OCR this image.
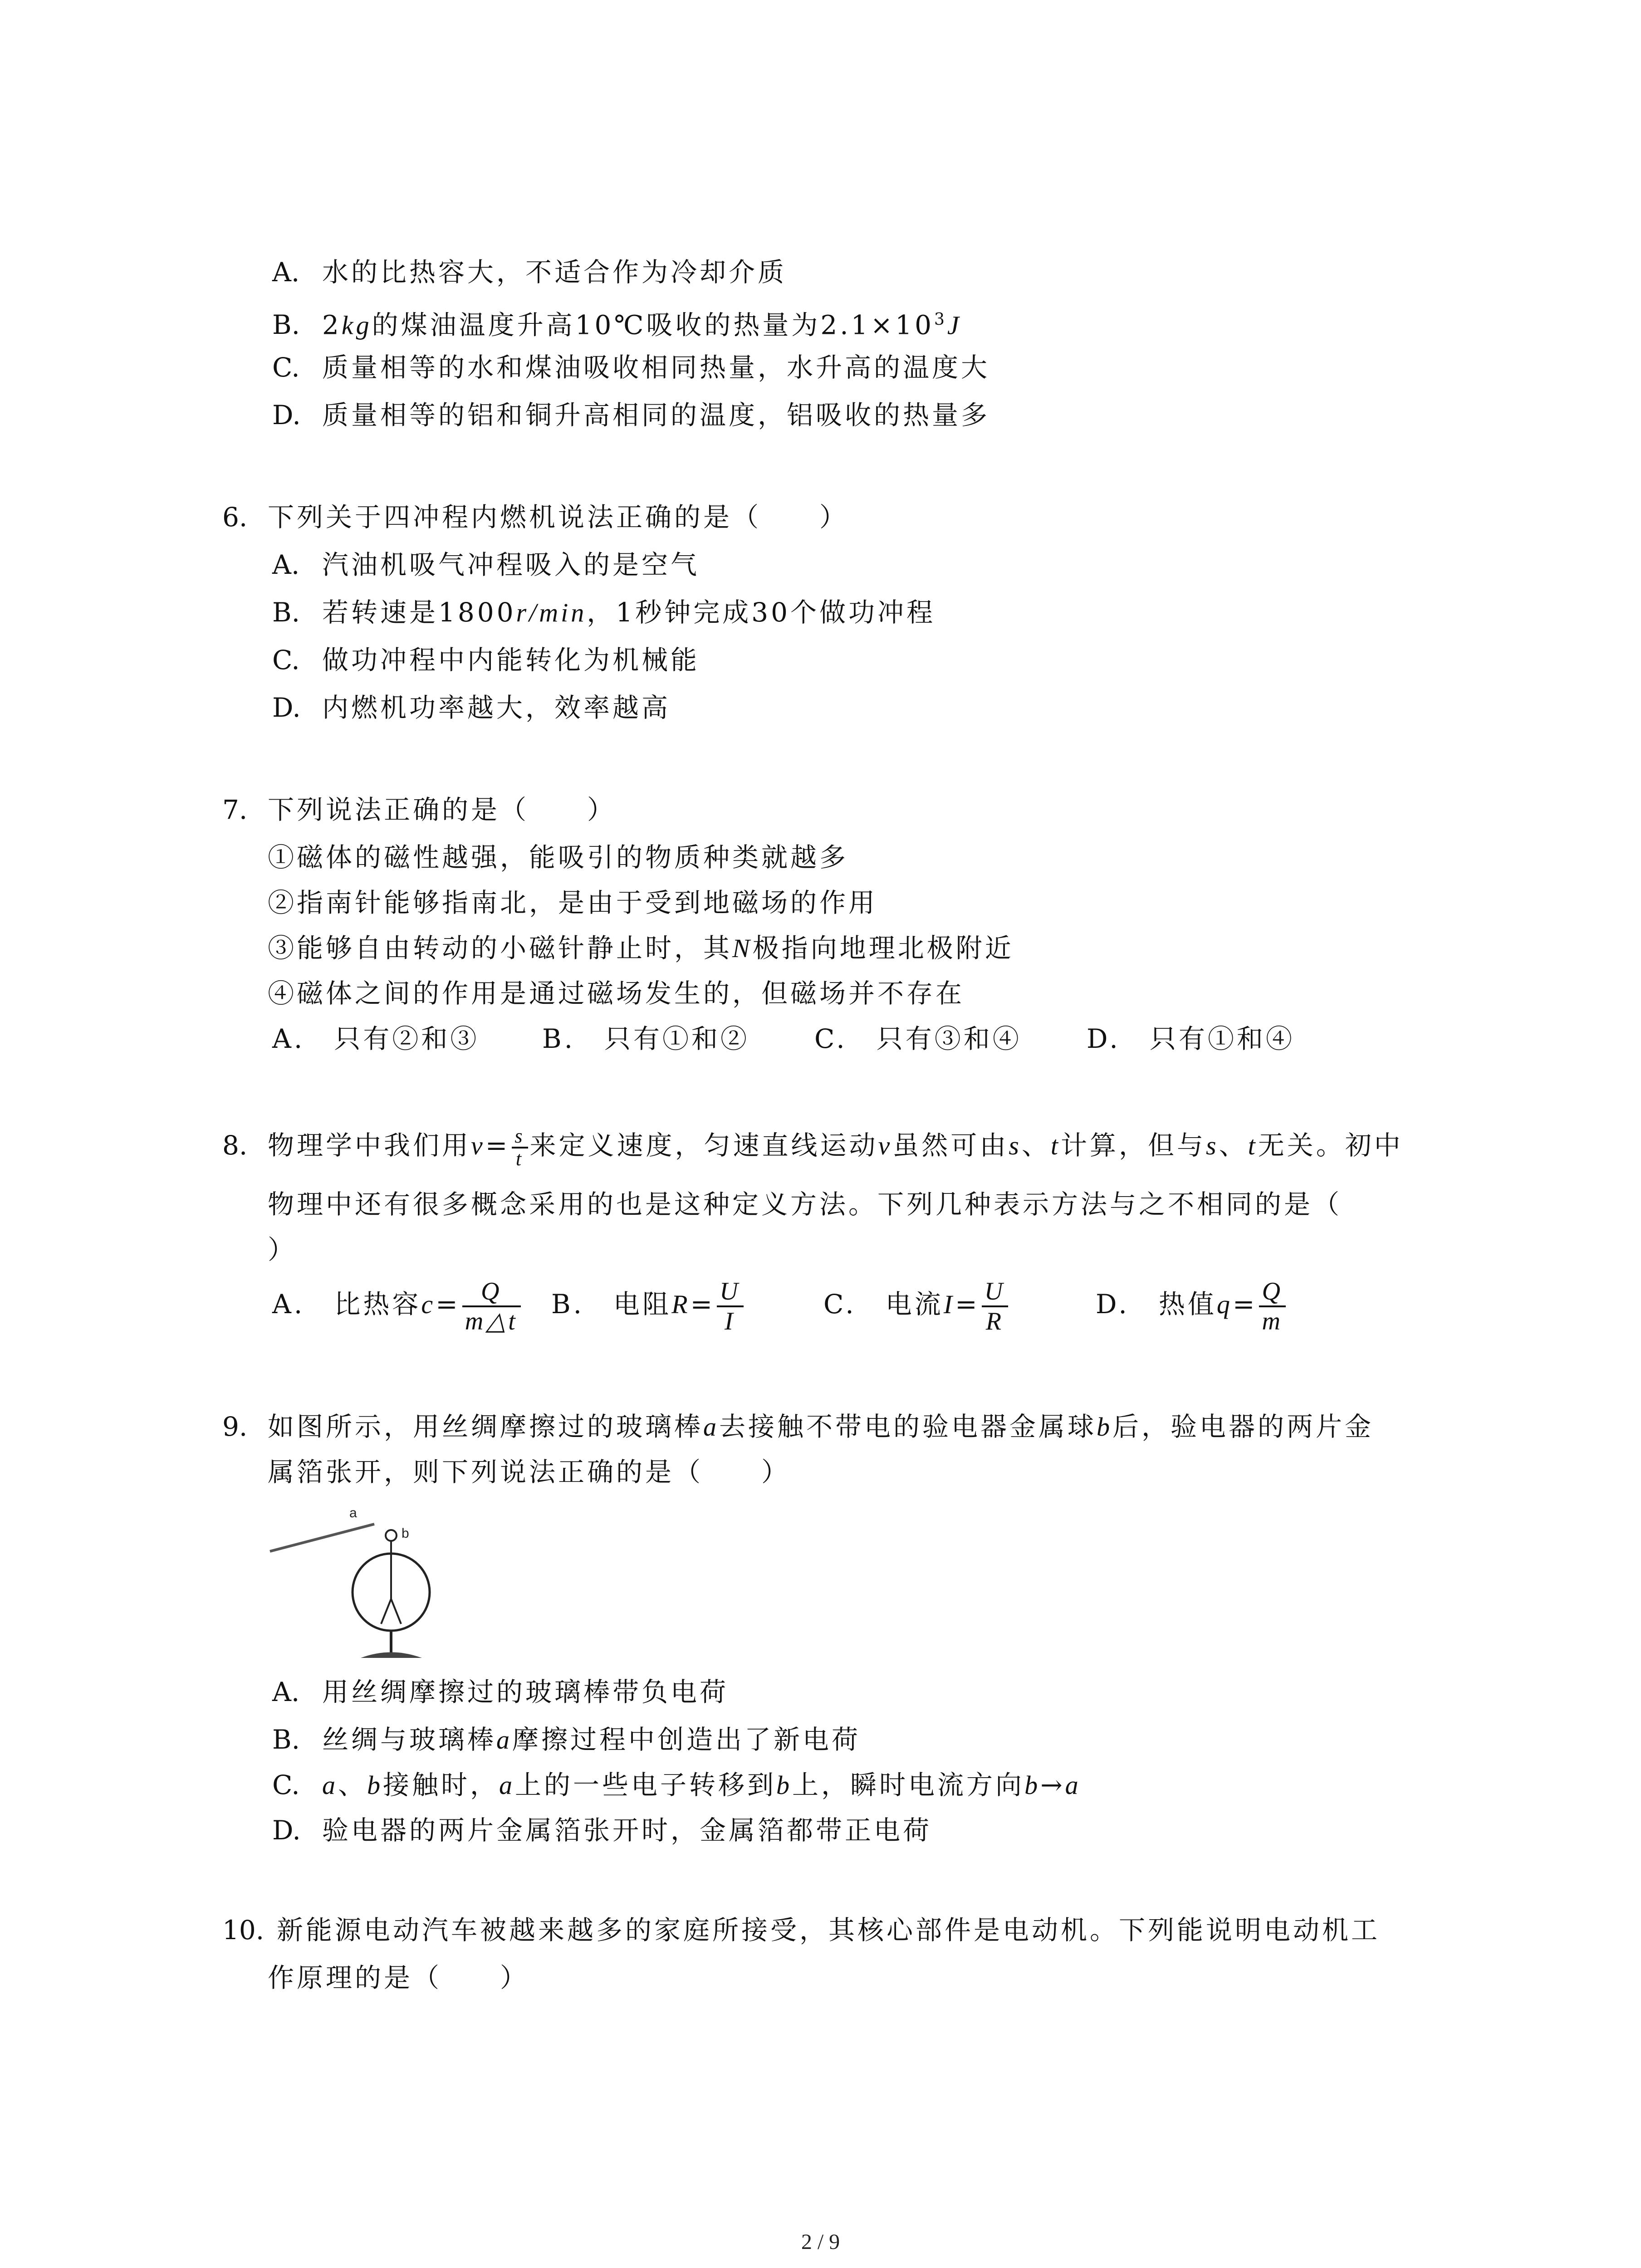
A. 水的比热容大，不适合作为冷却介质
B. 2kg的煤油温度升高10℃吸收的热量为$2.1\times 10^3J$
C. 质量相等的水和煤油吸收相同热量，水升高的温度大
D. 质量相等的铝和铜升高相同的温度，铝吸收的热量多
6. 下列关于四冲程内燃机说法正确的是（　　）
A. 汽油机吸气冲程吸入的是空气
B. 若转速是1800r/min，1秒钟完成30个做功冲程
C. 做功冲程中内能转化为机械能
D. 内燃机功率越大，效率越高
7. 下列说法正确的是（　　）
①磁体的磁性越强，能吸引的物质种类就越多
②指南针能够指南北，是由于受到地磁场的作用
③能够自由转动的小磁针静止时，其N极指向地理北极附近
④磁体之间的作用是通过磁场发生的，但磁场并不存在
A.　只有②和③ B.　只有①和② C.　只有③和④ D.　只有①和④
8. 物理学中我们用$v= \frac{s}{t}$ 来定义速度，匀速直线运动v虽然可由s、t计算，但与s、t无关。初中
物理中还有很多概念采用的也是这种定义方法。下列几种表示方法与之不相同的是（
）
A.　比热容$c= \frac{Q}{m\triangle t} B$.　电阻$R= \frac{U}{I}$	C.　电流$I= \frac{U}{R}$	D.　热值$q= \frac{Q}{m}$
9. 如图所示，用丝绸摩擦过的玻璃棒a去接触不带电的验电器金属球b后，验电器的两片金
属箔张开，则下列说法正确的是（　　）
a
b
A. 用丝绸摩擦过的玻璃棒带负电荷
B. 丝绸与玻璃棒a摩擦过程中创造出了新电荷
C. a、b接触时，a上的一些电子转移到b上，瞬时电流方向b→a
D. 验电器的两片金属箔张开时，金属箔都带正电荷
10. 新能源电动汽车被越来越多的家庭所接受，其核心部件是电动机。下列能说明电动机工
作原理的是（　　）
2 / 9
